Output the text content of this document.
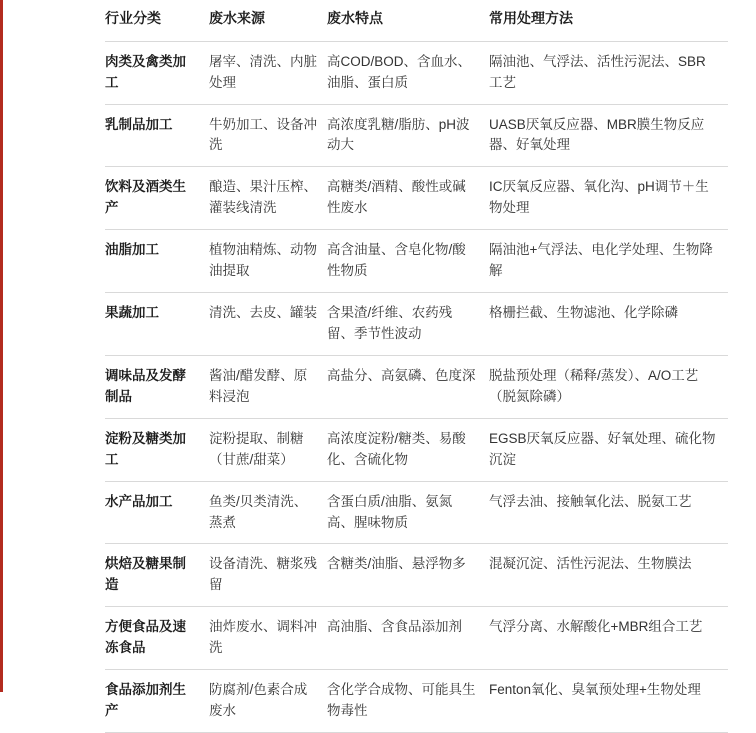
行业分类	废水来源	废水特点	常用处理方法
肉类及禽类加工	屠宰、清洗、内脏处理	高COD/BOD、含血水、油脂、蛋白质	隔油池、气浮法、活性污泥法、SBR工艺
乳制品加工	牛奶加工、设备冲洗	高浓度乳糖/脂肪、pH波动大	UASB厌氧反应器、MBR膜生物反应器、好氧处理
饮料及酒类生产	酿造、果汁压榨、灌装线清洗	高糖类/酒精、酸性或碱性废水	IC厌氧反应器、氧化沟、pH调节＋生物处理
油脂加工	植物油精炼、动物油提取	高含油量、含皂化物/酸性物质	隔油池+气浮法、电化学处理、生物降解
果蔬加工	清洗、去皮、罐装	含果渣/纤维、农药残留、季节性波动	格栅拦截、生物滤池、化学除磷
调味品及发酵制品	酱油/醋发酵、原料浸泡	高盐分、高氨磷、色度深	脱盐预处理（稀释/蒸发）、A/O工艺（脱氮除磷）
淀粉及糖类加工	淀粉提取、制糖（甘蔗/甜菜）	高浓度淀粉/糖类、易酸化、含硫化物	EGSB厌氧反应器、好氧处理、硫化物沉淀
水产品加工	鱼类/贝类清洗、蒸煮	含蛋白质/油脂、氨氮高、腥味物质	气浮去油、接触氧化法、脱氨工艺
烘焙及糖果制造	设备清洗、糖浆残留	含糖类/油脂、悬浮物多	混凝沉淀、活性污泥法、生物膜法
方便食品及速冻食品	油炸废水、调料冲洗	高油脂、含食品添加剂	气浮分离、水解酸化+MBR组合工艺
食品添加剂生产	防腐剂/色素合成废水	含化学合成物、可能具生物毒性	Fenton氧化、臭氧预处理+生物处理
